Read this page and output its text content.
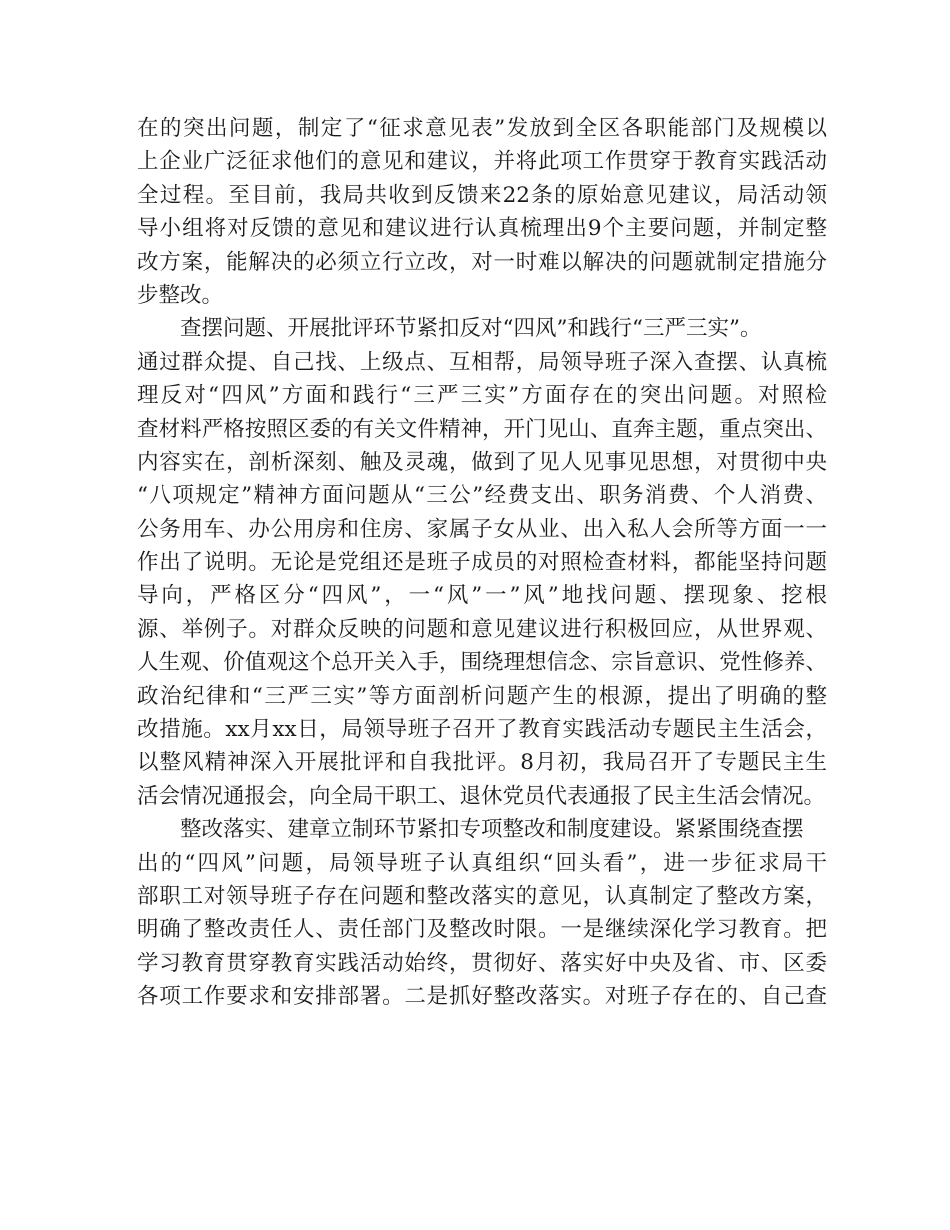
在的突出问题，制定了“征求意见表”发放到全区各职能部门及规模以
上企业广泛征求他们的意见和建议，并将此项工作贯穿于教育实践活动
全过程。至目前，我局共收到反馈来22条的原始意见建议，局活动领
导小组将对反馈的意见和建议进行认真梳理出9个主要问题，并制定整
改方案，能解决的必须立行立改，对一时难以解决的问题就制定措施分
步整改。
查摆问题、开展批评环节紧扣反对“四风”和践行“三严三实”。
通过群众提、自己找、上级点、互相帮，局领导班子深入查摆、认真梳
理反对“四风”方面和践行“三严三实”方面存在的突出问题。对照检
查材料严格按照区委的有关文件精神，开门见山、直奔主题，重点突出、
内容实在，剖析深刻、触及灵魂，做到了见人见事见思想，对贯彻中央
“八项规定”精神方面问题从“三公”经费支出、职务消费、个人消费、
公务用车、办公用房和住房、家属子女从业、出入私人会所等方面一一
作出了说明。无论是党组还是班子成员的对照检查材料，都能坚持问题
导向，严格区分“四风”，一“风”一”风”地找问题、摆现象、挖根
源、举例子。对群众反映的问题和意见建议进行积极回应，从世界观、
人生观、价值观这个总开关入手，围绕理想信念、宗旨意识、党性修养、
政治纪律和“三严三实”等方面剖析问题产生的根源，提出了明确的整
改措施。xx月xx日，局领导班子召开了教育实践活动专题民主生活会，
以整风精神深入开展批评和自我批评。8月初，我局召开了专题民主生
活会情况通报会，向全局干职工、退休党员代表通报了民主生活会情况。
整改落实、建章立制环节紧扣专项整改和制度建设。紧紧围绕查摆
出的“四风”问题，局领导班子认真组织“回头看”，进一步征求局干
部职工对领导班子存在问题和整改落实的意见，认真制定了整改方案，
明确了整改责任人、责任部门及整改时限。一是继续深化学习教育。把
学习教育贯穿教育实践活动始终，贯彻好、落实好中央及省、市、区委
各项工作要求和安排部署。二是抓好整改落实。对班子存在的、自己查
